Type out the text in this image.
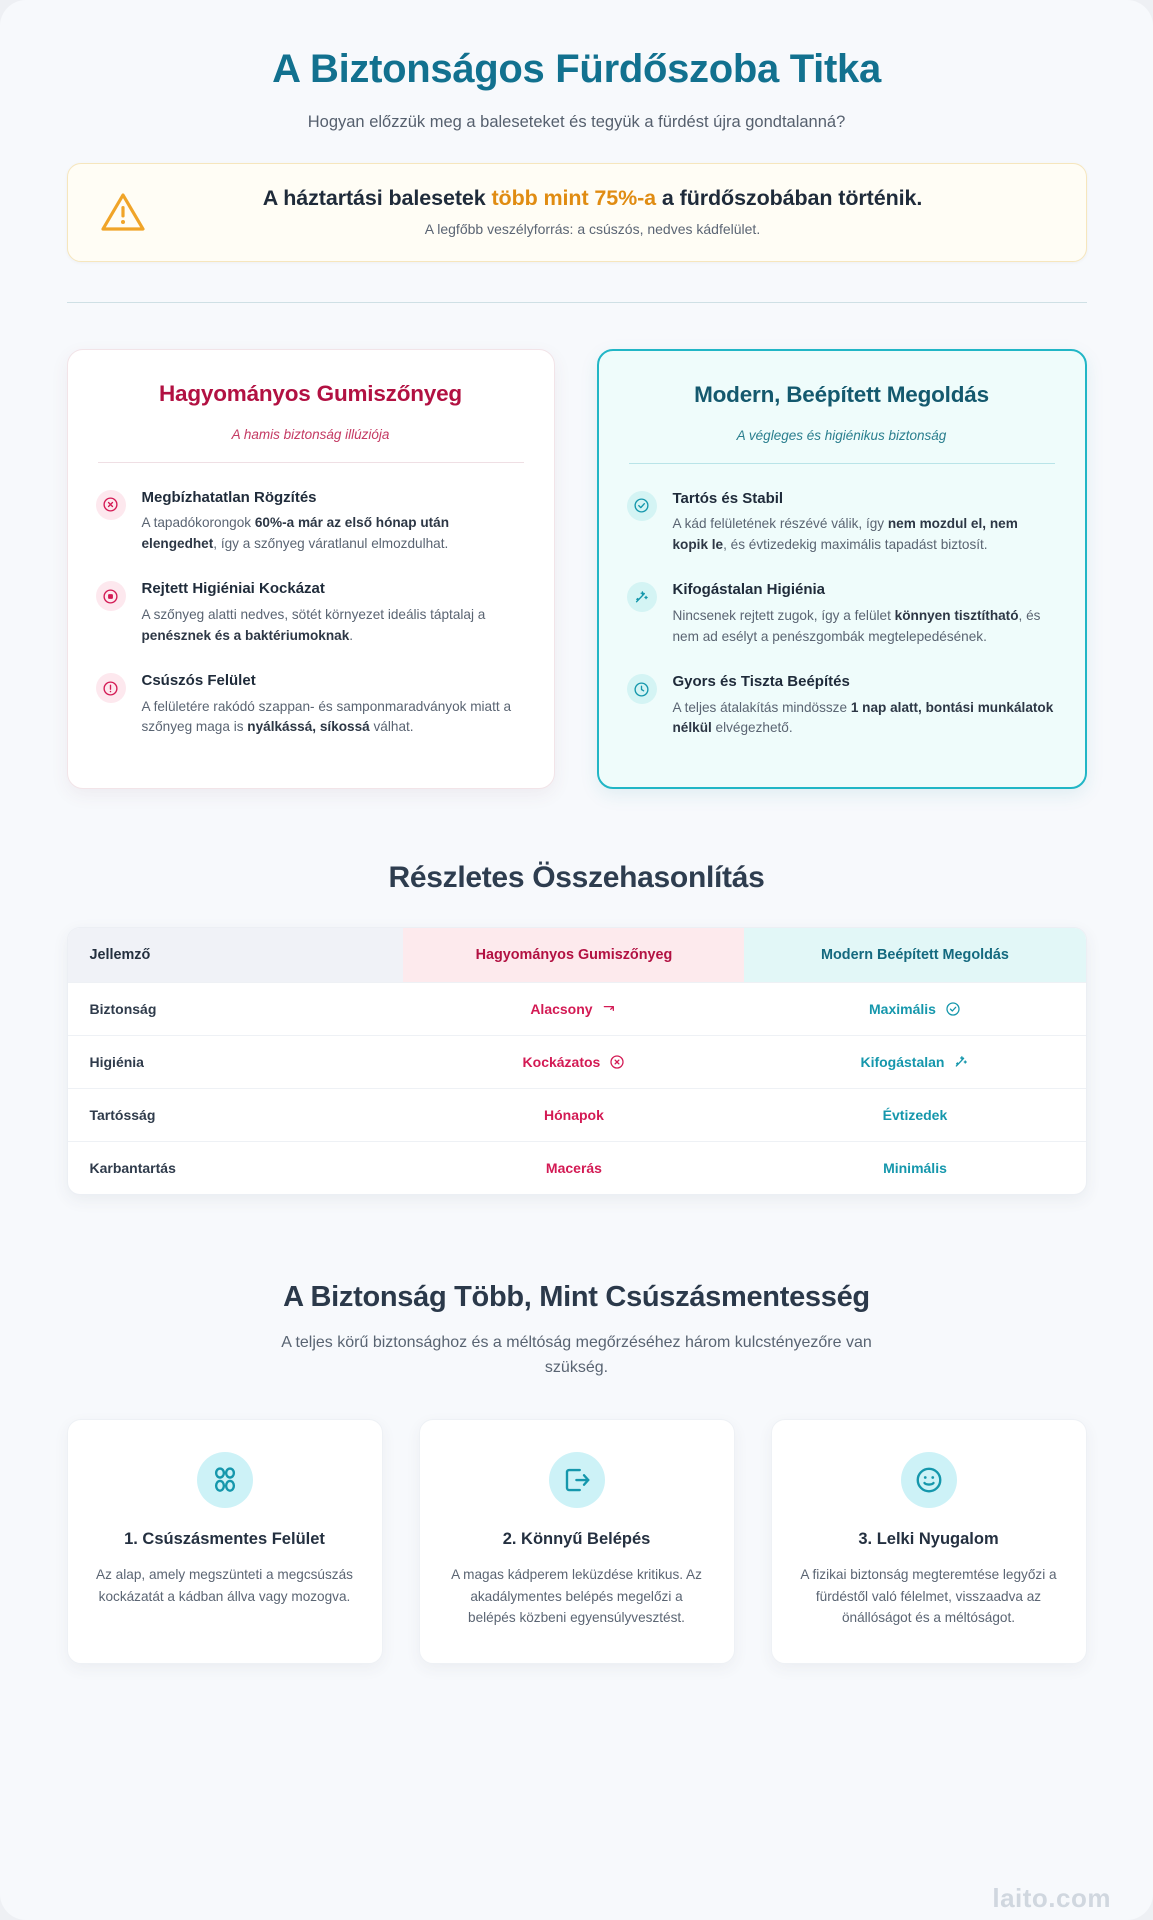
A Biztonságos Fürdőszoba Titka
Hogyan előzzük meg a baleseteket és tegyük a fürdést újra gondtalanná?
A háztartási balesetek több mint 75%-a a fürdőszobában történik.
A legfőbb veszélyforrás: a csúszós, nedves kádfelület.
Hagyományos Gumiszőnyeg
A hamis biztonság illúziója
Megbízhatatlan Rögzítés
A tapadókorongok 60%-a már az első hónap után elengedhet, így a szőnyeg váratlanul elmozdulhat.
Rejtett Higiéniai Kockázat
A szőnyeg alatti nedves, sötét környezet ideális táptalaj a penésznek és a baktériumoknak.
Csúszós Felület
A felületére rakódó szappan- és samponmaradványok miatt a szőnyeg maga is nyálkássá, síkossá válhat.
Modern, Beépített Megoldás
A végleges és higiénikus biztonság
Tartós és Stabil
A kád felületének részévé válik, így nem mozdul el, nem kopik le, és évtizedekig maximális tapadást biztosít.
Kifogástalan Higiénia
Nincsenek rejtett zugok, így a felület könnyen tisztítható, és nem ad esélyt a penészgombák megtelepedésének.
Gyors és Tiszta Beépítés
A teljes átalakítás mindössze 1 nap alatt, bontási munkálatok nélkül elvégezhető.
Részletes Összehasonlítás
Jellemző	Hagyományos Gumiszőnyeg	Modern Beépített Megoldás
Biztonság	Alacsony	Maximális

Higiénia	Kockázatos	Kifogástalan

Tartósság	Hónapok	Évtizedek

Karbantartás	Macerás	Minimális
A Biztonság Több, Mint Csúszásmentesség
A teljes körű biztonsághoz és a méltóság megőrzéséhez három kulcstényezőre van szükség.
1. Csúszásmentes Felület

Az alap, amely megszünteti a megcsúszás kockázatát a kádban állva vagy mozogva.

2. Könnyű Belépés

A magas kádperem leküzdése kritikus. Az akadálymentes belépés megelőzi a belépés közbeni egyensúlyvesztést.

3. Lelki Nyugalom

A fizikai biztonság megteremtése legyőzi a fürdéstől való félelmet, visszaadva az önállóságot és a méltóságot.

laito.com
